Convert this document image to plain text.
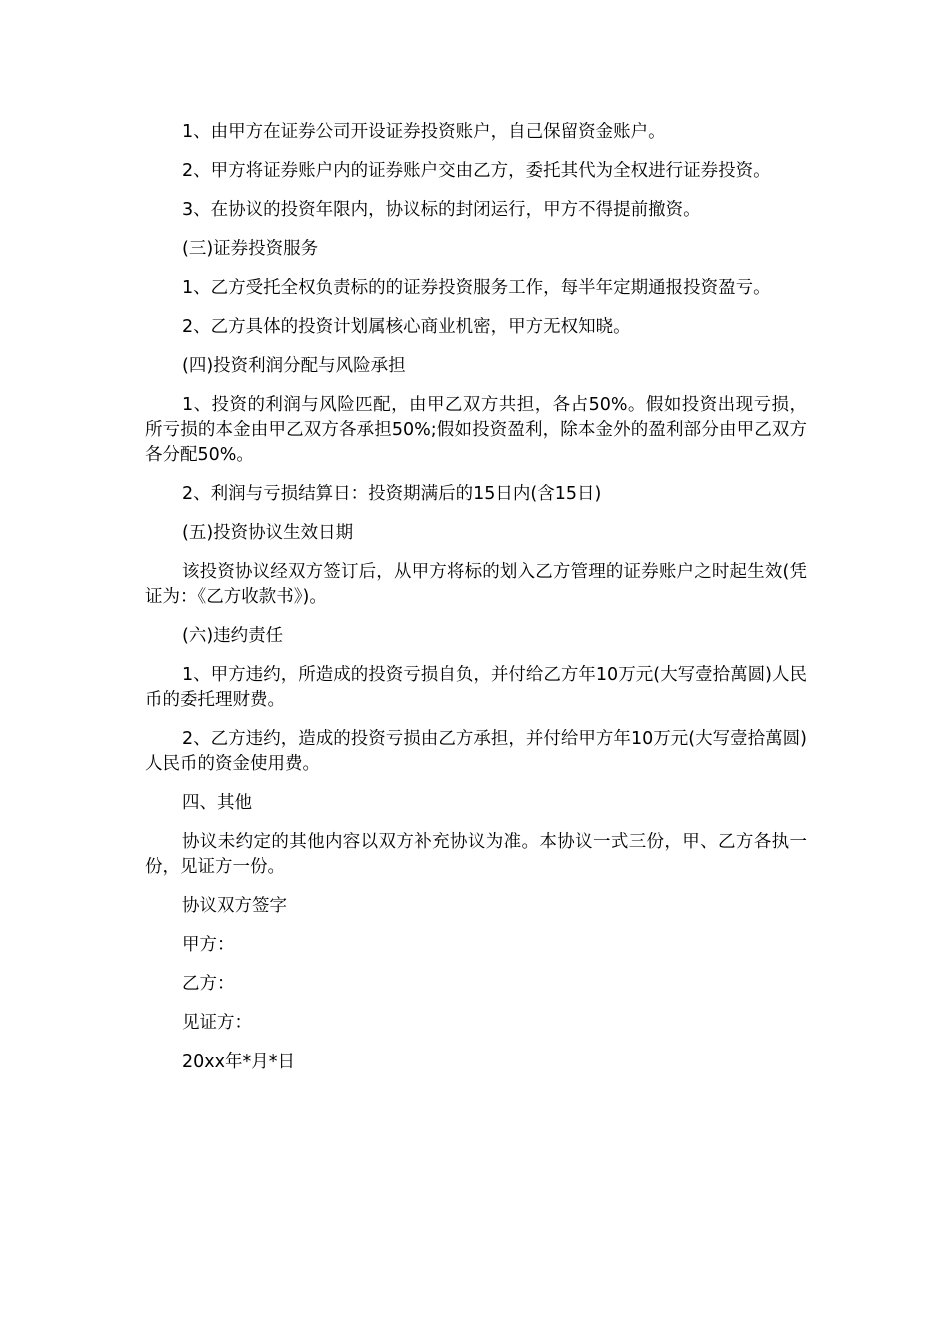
1、由甲方在证券公司开设证券投资账户，自己保留资金账户。

2、甲方将证券账户内的证券账户交由乙方，委托其代为全权进行证券投资。

3、在协议的投资年限内，协议标的封闭运行，甲方不得提前撤资。

(三)证券投资服务

1、乙方受托全权负责标的的证券投资服务工作，每半年定期通报投资盈亏。

2、乙方具体的投资计划属核心商业机密，甲方无权知晓。

(四)投资利润分配与风险承担

1、投资的利润与风险匹配，由甲乙双方共担，各占50%。假如投资出现亏损，所亏损的本金由甲乙双方各承担50%;假如投资盈利，除本金外的盈利部分由甲乙双方各分配50%。

2、利润与亏损结算日：投资期满后的15日内(含15日)

(五)投资协议生效日期

该投资协议经双方签订后，从甲方将标的划入乙方管理的证券账户之时起生效(凭证为：《乙方收款书》)。

(六)违约责任

1、甲方违约，所造成的投资亏损自负，并付给乙方年10万元(大写壹拾萬圆)人民币的委托理财费。

2、乙方违约，造成的投资亏损由乙方承担，并付给甲方年10万元(大写壹拾萬圆)人民币的资金使用费。

四、其他

协议未约定的其他内容以双方补充协议为准。本协议一式三份，甲、乙方各执一份，见证方一份。

协议双方签字

甲方：

乙方：

见证方：

20xx年*月*日
